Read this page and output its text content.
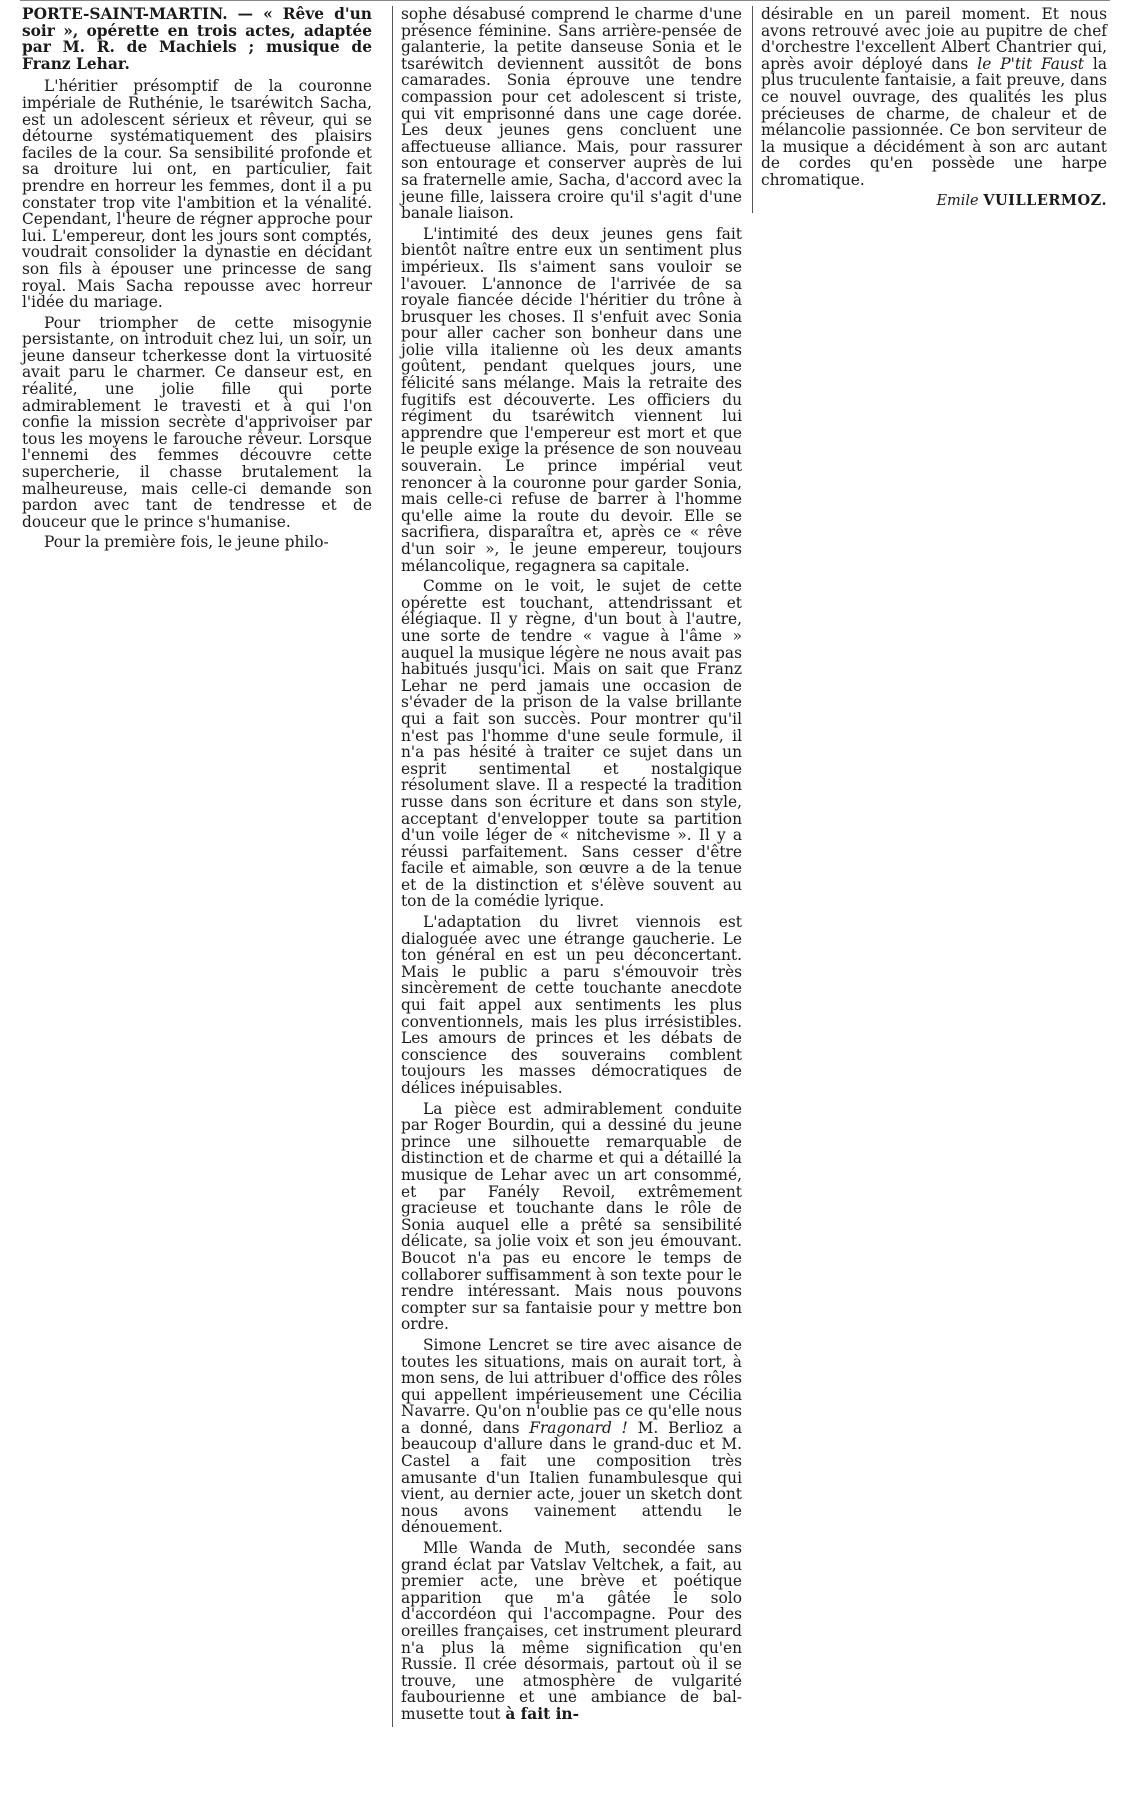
PORTE-SAINT-MARTIN. — « Rêve d'un soir », opérette en trois actes, adaptée par M. R. de Machiels ; musique de Franz Lehar.

L'héritier présomptif de la couronne impériale de Ruthénie, le tsaréwitch Sacha, est un adolescent sérieux et rêveur, qui se détourne systématiquement des plaisirs faciles de la cour. Sa sensibilité profonde et sa droiture lui ont, en particulier, fait prendre en horreur les femmes, dont il a pu constater trop vite l'ambition et la vénalité. Cependant, l'heure de régner approche pour lui. L'empereur, dont les jours sont comptés, voudrait consolider la dynastie en décidant son fils à épouser une princesse de sang royal. Mais Sacha repousse avec horreur l'idée du mariage.

Pour triompher de cette misogynie persistante, on introduit chez lui, un soir, un jeune danseur tcherkesse dont la virtuosité avait paru le charmer. Ce danseur est, en réalité, une jolie fille qui porte admirablement le travesti et à qui l'on confie la mission secrète d'apprivoiser par tous les moyens le farouche rêveur. Lorsque l'ennemi des femmes découvre cette supercherie, il chasse brutalement la malheureuse, mais celle-ci demande son pardon avec tant de tendresse et de douceur que le prince s'humanise.

Pour la première fois, le jeune philo-

sophe désabusé comprend le charme d'une présence féminine. Sans arrière-pensée de galanterie, la petite danseuse Sonia et le tsaréwitch deviennent aussitôt de bons camarades. Sonia éprouve une tendre compassion pour cet adolescent si triste, qui vit emprisonné dans une cage dorée. Les deux jeunes gens concluent une affectueuse alliance. Mais, pour rassurer son entourage et conserver auprès de lui sa fraternelle amie, Sacha, d'accord avec la jeune fille, laissera croire qu'il s'agit d'une banale liaison.

L'intimité des deux jeunes gens fait bientôt naître entre eux un sentiment plus impérieux. Ils s'aiment sans vouloir se l'avouer. L'annonce de l'arrivée de sa royale fiancée décide l'héritier du trône à brusquer les choses. Il s'enfuit avec Sonia pour aller cacher son bonheur dans une jolie villa italienne où les deux amants goûtent, pendant quelques jours, une félicité sans mélange. Mais la retraite des fugitifs est découverte. Les officiers du régiment du tsaréwitch viennent lui apprendre que l'empereur est mort et que le peuple exige la présence de son nouveau souverain. Le prince impérial veut renoncer à la couronne pour garder Sonia, mais celle-ci refuse de barrer à l'homme qu'elle aime la route du devoir. Elle se sacrifiera, disparaîtra et, après ce « rêve d'un soir », le jeune empereur, toujours mélancolique, regagnera sa capitale.

Comme on le voit, le sujet de cette opérette est touchant, attendrissant et élégiaque. Il y règne, d'un bout à l'autre, une sorte de tendre « vague à l'âme » auquel la musique légère ne nous avait pas habitués jusqu'ici. Mais on sait que Franz Lehar ne perd jamais une occasion de s'évader de la prison de la valse brillante qui a fait son succès. Pour montrer qu'il n'est pas l'homme d'une seule formule, il n'a pas hésité à traiter ce sujet dans un esprit sentimental et nostalgique résolument slave. Il a respecté la tradition russe dans son écriture et dans son style, acceptant d'envelopper toute sa partition d'un voile léger de « nitchevisme ». Il y a réussi parfaitement. Sans cesser d'être facile et aimable, son œuvre a de la tenue et de la distinction et s'élève souvent au ton de la comédie lyrique.

L'adaptation du livret viennois est dialoguée avec une étrange gaucherie. Le ton général en est un peu déconcertant. Mais le public a paru s'émouvoir très sincèrement de cette touchante anecdote qui fait appel aux sentiments les plus conventionnels, mais les plus irrésistibles. Les amours de princes et les débats de conscience des souverains comblent toujours les masses démocratiques de délices inépuisables.

La pièce est admirablement conduite par Roger Bourdin, qui a dessiné du jeune prince une silhouette remarquable de distinction et de charme et qui a détaillé la musique de Lehar avec un art consommé, et par Fanély Revoil, extrêmement gracieuse et touchante dans le rôle de Sonia auquel elle a prêté sa sensibilité délicate, sa jolie voix et son jeu émouvant. Boucot n'a pas eu encore le temps de collaborer suffisamment à son texte pour le rendre intéressant. Mais nous pouvons compter sur sa fantaisie pour y mettre bon ordre.

Simone Lencret se tire avec aisance de toutes les situations, mais on aurait tort, à mon sens, de lui attribuer d'office des rôles qui appellent impérieusement une Cécilia Navarre. Qu'on n'oublie pas ce qu'elle nous a donné, dans Fragonard ! M. Berlioz a beaucoup d'allure dans le grand-duc et M. Castel a fait une composition très amusante d'un Italien funambulesque qui vient, au dernier acte, jouer un sketch dont nous avons vainement attendu le dénouement.

Mlle Wanda de Muth, secondée sans grand éclat par Vatslav Veltchek, a fait, au premier acte, une brève et poétique apparition que m'a gâtée le solo d'accordéon qui l'accompagne. Pour des oreilles françaises, cet instrument pleurard n'a plus la même signification qu'en Russie. Il crée désormais, partout où il se trouve, une atmosphère de vulgarité faubourienne et une ambiance de bal-musette tout à fait in-

désirable en un pareil moment. Et nous avons retrouvé avec joie au pupitre de chef d'orchestre l'excellent Albert Chantrier qui, après avoir déployé dans le P'tit Faust la plus truculente fantaisie, a fait preuve, dans ce nouvel ouvrage, des qualités les plus précieuses de charme, de chaleur et de mélancolie passionnée. Ce bon serviteur de la musique a décidément à son arc autant de cordes qu'en possède une harpe chromatique.

Emile VUILLERMOZ.
